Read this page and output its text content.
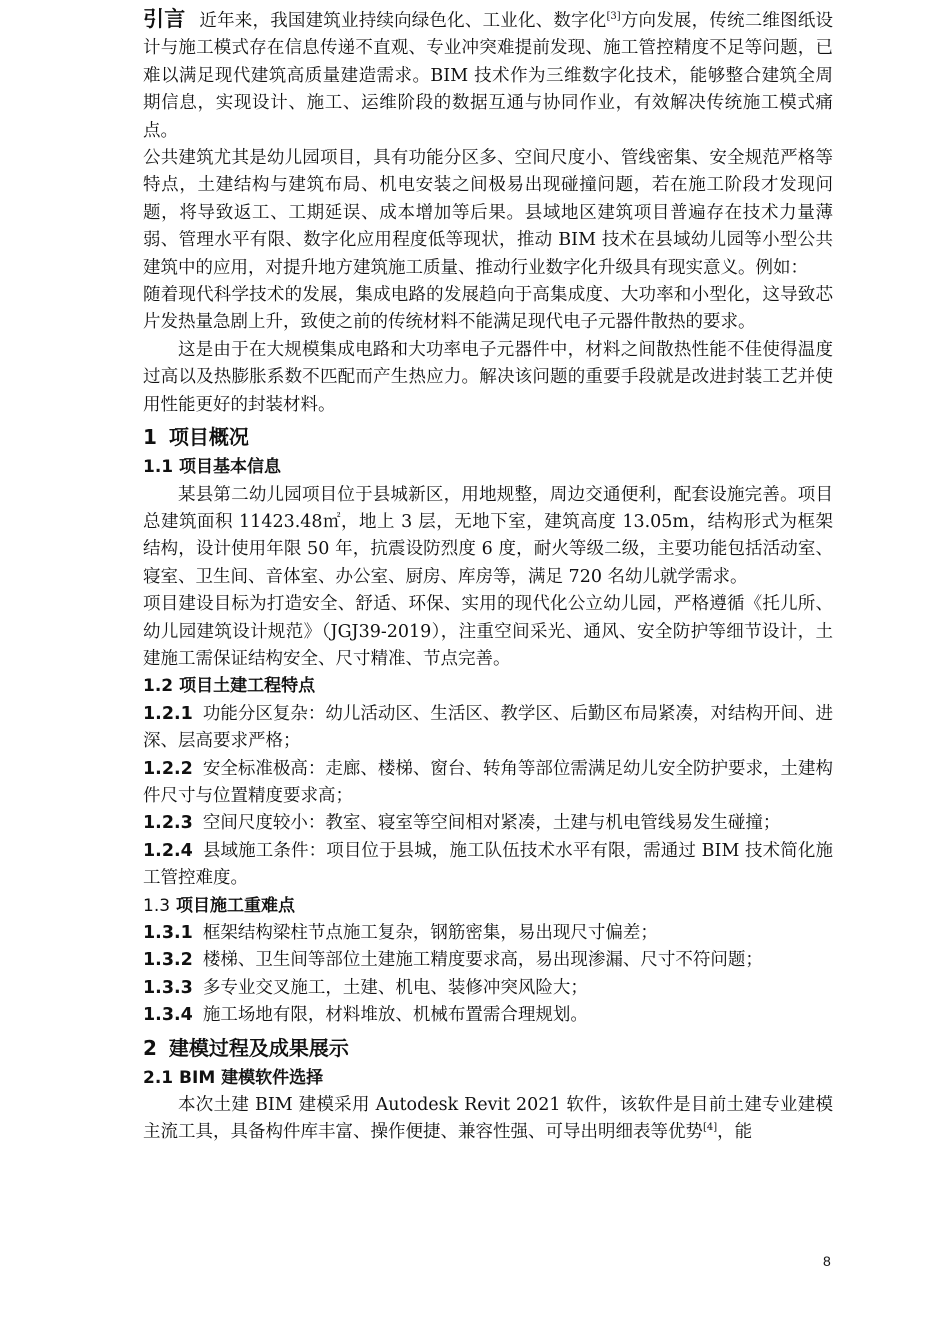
引言 近年来，我国建筑业持续向绿色化、工业化、数字化[3]方向发展，传统二维图纸设计与施工模式存在信息传递不直观、专业冲突难提前发现、施工管控精度不足等问题，已难以满足现代建筑高质量建造需求。BIM 技术作为三维数字化技术，能够整合建筑全周期信息，实现设计、施工、运维阶段的数据互通与协同作业，有效解决传统施工模式痛点。

公共建筑尤其是幼儿园项目，具有功能分区多、空间尺度小、管线密集、安全规范严格等特点，土建结构与建筑布局、机电安装之间极易出现碰撞问题，若在施工阶段才发现问题，将导致返工、工期延误、成本增加等后果。县域地区建筑项目普遍存在技术力量薄弱、管理水平有限、数字化应用程度低等现状，推动 BIM 技术在县域幼儿园等小型公共建筑中的应用，对提升地方建筑施工质量、推动行业数字化升级具有现实意义。例如：

随着现代科学技术的发展，集成电路的发展趋向于高集成度、大功率和小型化，这导致芯片发热量急剧上升，致使之前的传统材料不能满足现代电子元器件散热的要求。

这是由于在大规模集成电路和大功率电子元器件中，材料之间散热性能不佳使得温度过高以及热膨胀系数不匹配而产生热应力。解决该问题的重要手段就是改进封装工艺并使用性能更好的封装材料。

1 项目概况
1.1 项目基本信息

某县第二幼儿园项目位于县城新区，用地规整，周边交通便利，配套设施完善。项目总建筑面积 11423.48㎡，地上 3 层，无地下室，建筑高度 13.05m，结构形式为框架结构，设计使用年限 50 年，抗震设防烈度 6 度，耐火等级二级，主要功能包括活动室、寝室、卫生间、音体室、办公室、厨房、库房等，满足 720 名幼儿就学需求。

项目建设目标为打造安全、舒适、环保、实用的现代化公立幼儿园，严格遵循《托儿所、幼儿园建筑设计规范》（JGJ39-2019），注重空间采光、通风、安全防护等细节设计，土建施工需保证结构安全、尺寸精准、节点完善。

1.2 项目土建工程特点

1.2.1 功能分区复杂：幼儿活动区、生活区、教学区、后勤区布局紧凑，对结构开间、进深、层高要求严格；

1.2.2 安全标准极高：走廊、楼梯、窗台、转角等部位需满足幼儿安全防护要求，土建构件尺寸与位置精度要求高；

1.2.3 空间尺度较小：教室、寝室等空间相对紧凑，土建与机电管线易发生碰撞；

1.2.4 县域施工条件：项目位于县城，施工队伍技术水平有限，需通过 BIM 技术简化施工管控难度。

1.3 项目施工重难点

1.3.1 框架结构梁柱节点施工复杂，钢筋密集，易出现尺寸偏差；

1.3.2 楼梯、卫生间等部位土建施工精度要求高，易出现渗漏、尺寸不符问题；

1.3.3 多专业交叉施工，土建、机电、装修冲突风险大；

1.3.4 施工场地有限，材料堆放、机械布置需合理规划。

2 建模过程及成果展示
2.1 BIM 建模软件选择

本次土建 BIM 建模采用 Autodesk Revit 2021 软件，该软件是目前土建专业建模主流工具，具备构件库丰富、操作便捷、兼容性强、可导出明细表等优势[4]，能

8
